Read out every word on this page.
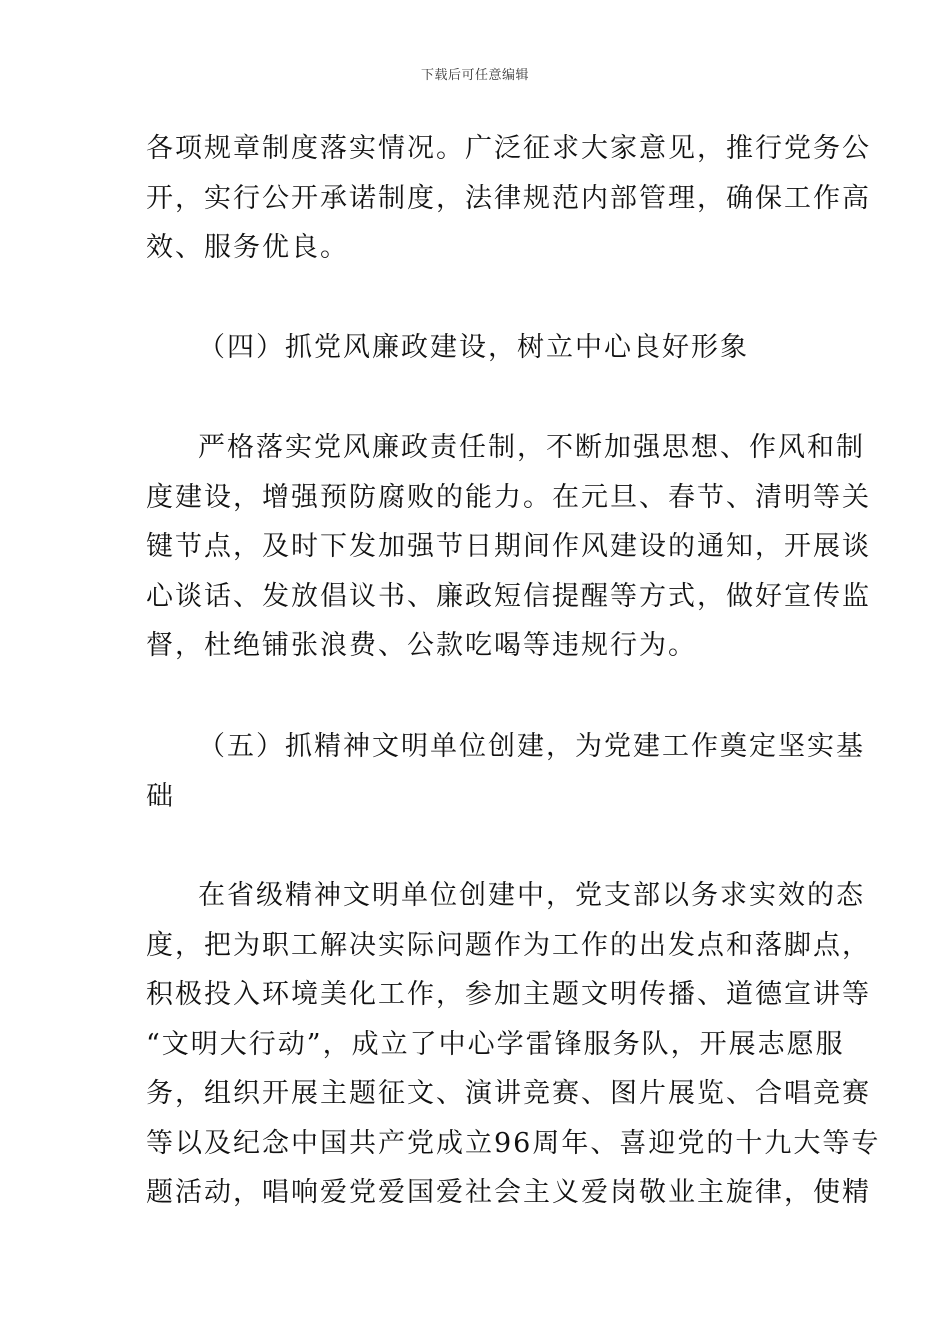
下载后可任意编辑
各项规章制度落实情况。广泛征求大家意见，推行党务公
开，实行公开承诺制度，法律规范内部管理，确保工作高
效、服务优良。
（四）抓党风廉政建设，树立中心良好形象
严格落实党风廉政责任制，不断加强思想、作风和制
度建设，增强预防腐败的能力。在元旦、春节、清明等关
键节点，及时下发加强节日期间作风建设的通知，开展谈
心谈话、发放倡议书、廉政短信提醒等方式，做好宣传监
督，杜绝铺张浪费、公款吃喝等违规行为。
（五）抓精神文明单位创建，为党建工作奠定坚实基
础
在省级精神文明单位创建中，党支部以务求实效的态
度，把为职工解决实际问题作为工作的出发点和落脚点，
积极投入环境美化工作，参加主题文明传播、道德宣讲等
“文明大行动”，成立了中心学雷锋服务队，开展志愿服
务，组织开展主题征文、演讲竞赛、图片展览、合唱竞赛
等以及纪念中国共产党成立96周年、喜迎党的十九大等专
题活动，唱响爱党爱国爱社会主义爱岗敬业主旋律，使精
